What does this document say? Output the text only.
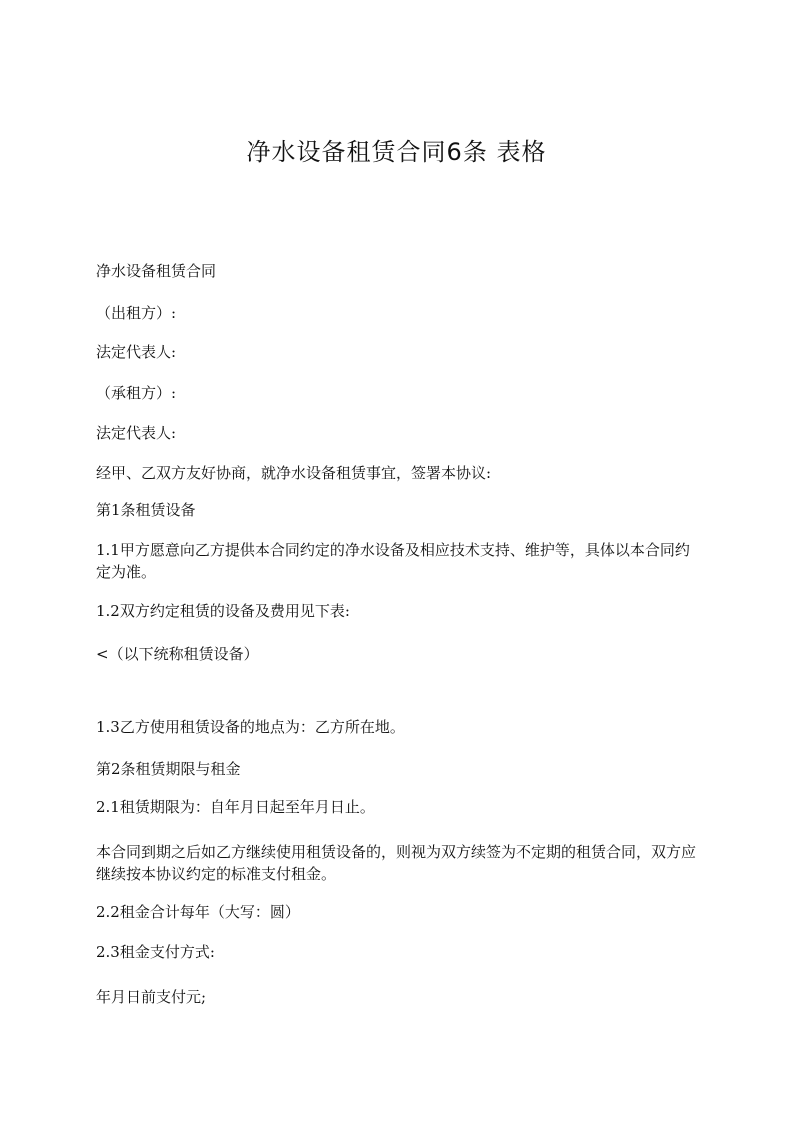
净水设备租赁合同6条 表格
净水设备租赁合同
（出租方）:
法定代表人:
（承租方）:
法定代表人:
经甲、乙双方友好协商，就净水设备租赁事宜，签署本协议:
第1条租赁设备
1.1甲方愿意向乙方提供本合同约定的净水设备及相应技术支持、维护等，具体以本合同约定为准。
1.2双方约定租赁的设备及费用见下表:
<（以下统称租赁设备）
1.3乙方使用租赁设备的地点为：乙方所在地。
第2条租赁期限与租金
2.1租赁期限为：自年月日起至年月日止。
本合同到期之后如乙方继续使用租赁设备的，则视为双方续签为不定期的租赁合同，双方应继续按本协议约定的标准支付租金。
2.2租金合计每年（大写：圆）
2.3租金支付方式:
年月日前支付元;
